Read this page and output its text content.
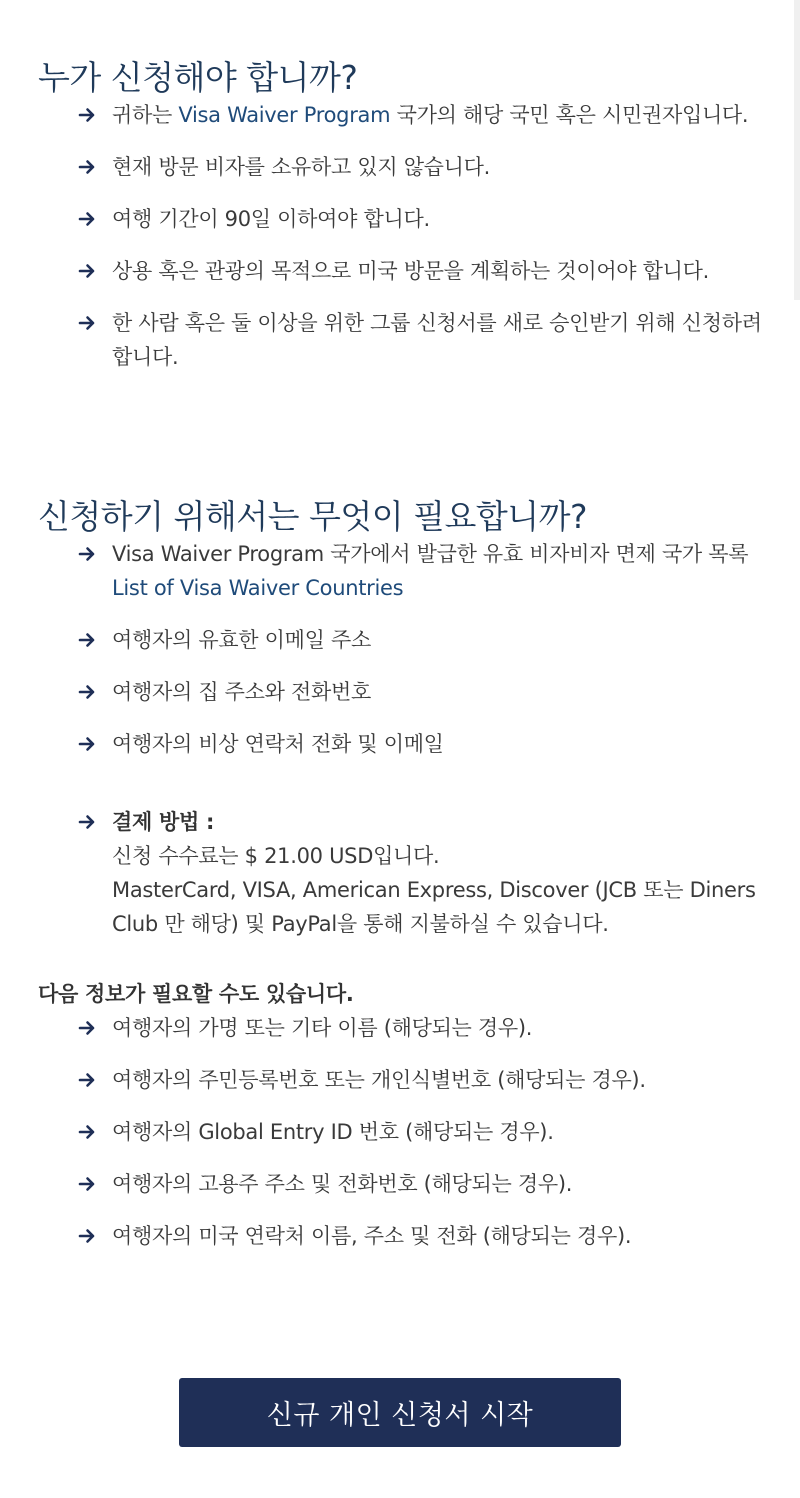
누가 신청해야 합니까?
귀하는 Visa Waiver Program 국가의 해당 국민 혹은 시민권자입니다.
현재 방문 비자를 소유하고 있지 않습니다.
여행 기간이 90일 이하여야 합니다.
상용 혹은 관광의 목적으로 미국 방문을 계획하는 것이어야 합니다.
한 사람 혹은 둘 이상을 위한 그룹 신청서를 새로 승인받기 위해 신청하려 합니다.
신청하기 위해서는 무엇이 필요합니까?
Visa Waiver Program 국가에서 발급한 유효 비자비자 면제 국가 목록
List of Visa Waiver Countries
여행자의 유효한 이메일 주소
여행자의 집 주소와 전화번호
여행자의 비상 연락처 전화 및 이메일
결제 방법 :
신청 수수료는 $ 21.00 USD입니다.
MasterCard, VISA, American Express, Discover (JCB 또는 Diners Club 만 해당) 및 PayPal을 통해 지불하실 수 있습니다.
다음 정보가 필요할 수도 있습니다.
여행자의 가명 또는 기타 이름 (해당되는 경우).
여행자의 주민등록번호 또는 개인식별번호 (해당되는 경우).
여행자의 Global Entry ID 번호 (해당되는 경우).
여행자의 고용주 주소 및 전화번호 (해당되는 경우).
여행자의 미국 연락처 이름, 주소 및 전화 (해당되는 경우).
신규 개인 신청서 시작
